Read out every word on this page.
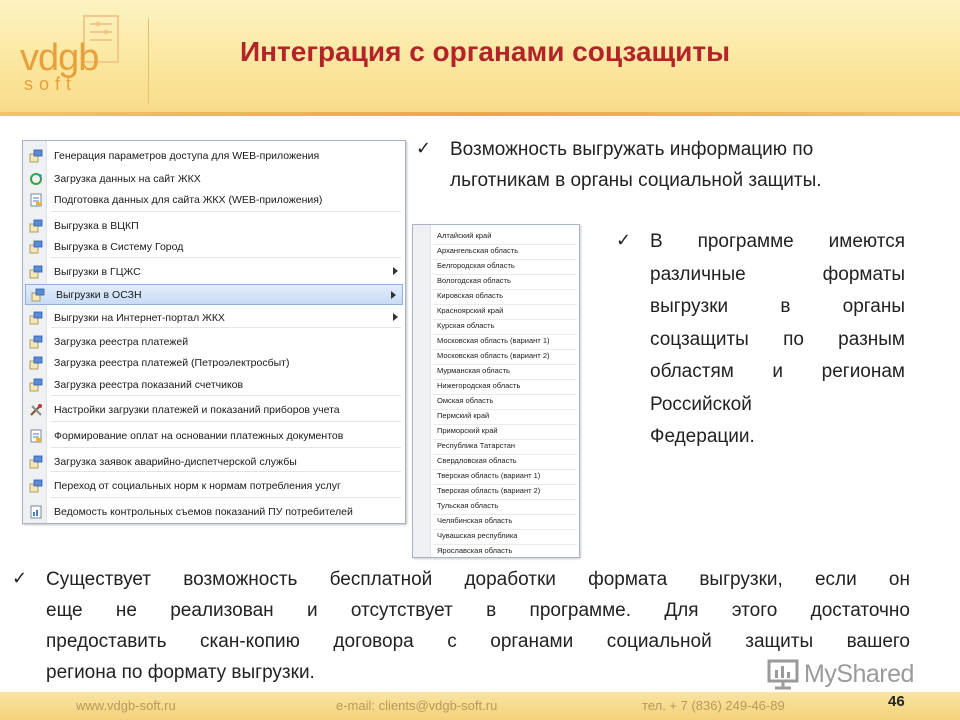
vdgb
soft
Интеграция с органами соцзащиты
Генерация параметров доступа для WEB-приложения
Загрузка данных на сайт ЖКХ
Подготовка данных для сайта ЖКХ (WEB-приложения)
Выгрузка в ВЦКП
Выгрузка в Систему Город
Выгрузки в ГЦЖС
Выгрузки в ОСЗН
Выгрузки на Интернет-портал ЖКХ
Загрузка реестра платежей
Загрузка реестра платежей (Петроэлектросбыт)
Загрузка реестра показаний счетчиков
Настройки загрузки платежей и показаний приборов учета
Формирование оплат на основании платежных документов
Загрузка заявок аварийно-диспетчерской службы
Переход от социальных норм к нормам потребления услуг
Ведомость контрольных съемов показаний ПУ потребителей
Алтайский край
Архангельская область
Белгородская область
Вологодская область
Кировская область
Красноярский край
Курская область
Московская область (вариант 1)
Московская область (вариант 2)
Мурманская область
Нижегородская область
Омская область
Пермский край
Приморский край
Республика Татарстан
Свердловская область
Тверская область (вариант 1)
Тверская область (вариант 2)
Тульская область
Челябинская область
Чувашская республика
Ярославская область
✓ Возможность выгружать информацию по
льготникам в органы социальной защиты.
✓ В программе имеются
различные форматы
выгрузки в органы
соцзащиты по разным
областям и регионам
Российской
Федерации.
✓ Существует возможность бесплатной доработки формата выгрузки, если он
еще не реализован и отсутствует в программе. Для этого достаточно
предоставить скан-копию договора с органами социальной защиты вашего
региона по формату выгрузки.	MyShared
www.vdgb-soft.ru	e-mail: clients@vdgb-soft.ru	тел. + 7 (836) 249-46-89	46
